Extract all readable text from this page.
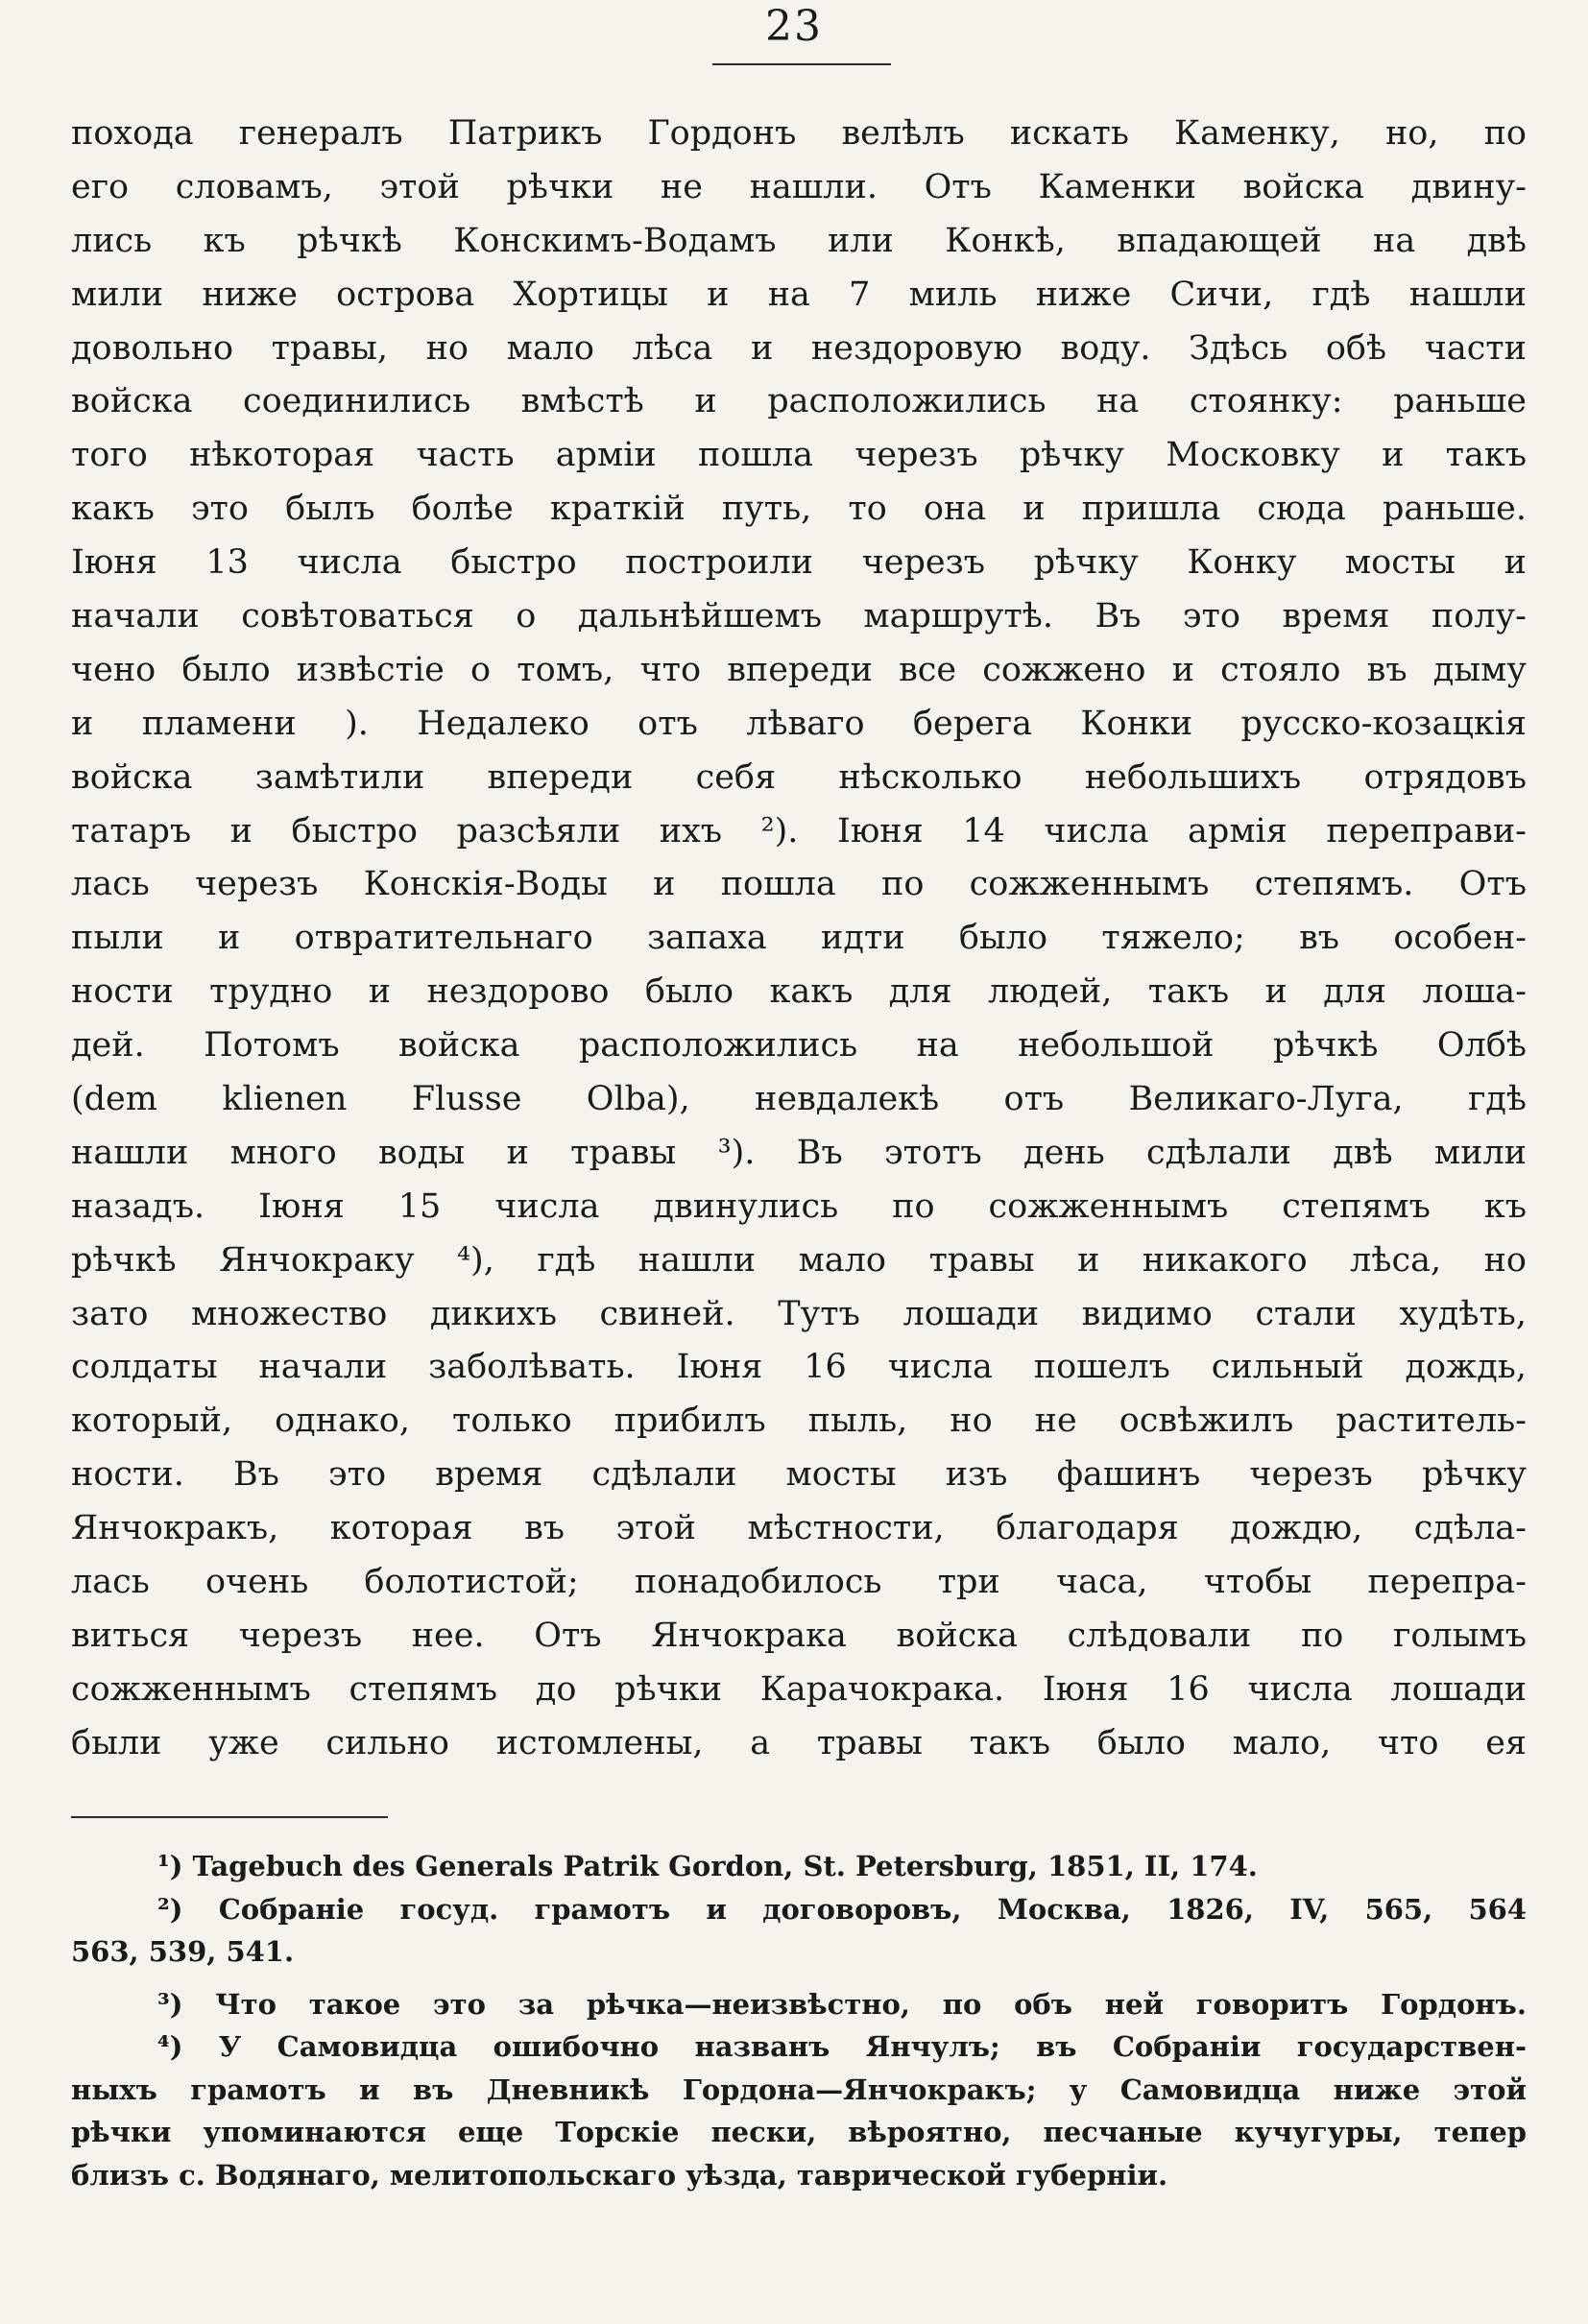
23
похода генералъ Патрикъ Гордонъ велѣлъ искать Каменку, но, по
его словамъ, этой рѣчки не нашли. Отъ Каменки войска двину-
лись къ рѣчкѣ Конскимъ-Водамъ или Конкѣ, впадающей на двѣ
мили ниже острова Хортицы и на 7 миль ниже Сичи, гдѣ нашли
довольно травы, но мало лѣса и нездоровую воду. Здѣсь обѣ части
войска соединились вмѣстѣ и расположились на стоянку: раньше
того нѣкоторая часть арміи пошла черезъ рѣчку Московку и такъ
какъ это былъ болѣе краткій путь, то она и пришла сюда раньше.
Іюня 13 числа быстро построили черезъ рѣчку Конку мосты и
начали совѣтоваться о дальнѣйшемъ маршрутѣ. Въ это время полу-
чено было извѣстіе о томъ, что впереди все сожжено и стояло въ дыму
и пламени ). Недалеко отъ лѣваго берега Конки русско-козацкія
войска замѣтили впереди себя нѣсколько небольшихъ отрядовъ
татаръ и быстро разсѣяли ихъ ²). Іюня 14 числа армія переправи-
лась черезъ Конскія-Воды и пошла по сожженнымъ степямъ. Отъ
пыли и отвратительнаго запаха идти было тяжело; въ особен-
ности трудно и нездорово было какъ для людей, такъ и для лошa-
дей. Потомъ войска расположились на небольшой рѣчкѣ Олбѣ
(dem klienen Flusse Olba), невдалекѣ отъ Великаго-Луга, гдѣ
нашли много воды и травы ³). Въ этотъ день сдѣлали двѣ мили
назадъ. Іюня 15 числа двинулись по сожженнымъ степямъ къ
рѣчкѣ Янчокраку ⁴), гдѣ нашли мало травы и никакого лѣса, но
зато множество дикихъ свиней. Тутъ лошади видимо стали худѣть,
солдаты начали заболѣвать. Іюня 16 числа пошелъ сильный дождь,
который, однако, только прибилъ пыль, но не освѣжилъ раститель-
ности. Въ это время сдѣлали мосты изъ фашинъ черезъ рѣчку
Янчокракъ, которая въ этой мѣстности, благодаря дождю, сдѣла-
лась очень болотистой; понадобилось три часа, чтобы перепра-
виться черезъ нее. Отъ Янчокрака войска слѣдовали по голымъ
сожженнымъ степямъ до рѣчки Карачокрака. Іюня 16 числа лошади
были уже сильно истомлены, а травы такъ было мало, что ея
¹) Tagebuch des Generals Patrik Gordon, St. Petersburg, 1851, II, 174.
²) Собраніе госуд. грамотъ и договоровъ, Москва, 1826, IV, 565, 564
563, 539, 541.
³) Что такое это за рѣчка—неизвѣстно, по объ ней говоритъ Гордонъ.
⁴) У Самовидца ошибочно названъ Янчулъ; въ Собраніи государствен-
ныхъ грамотъ и въ Дневникѣ Гордона—Янчокракъ; у Самовидца ниже этой
рѣчки упоминаются еще Торскіе пески, вѣроятно, песчаные кучугуры, тепер
близъ с. Водянаго, мелитопольскаго уѣзда, таврической губерніи.
